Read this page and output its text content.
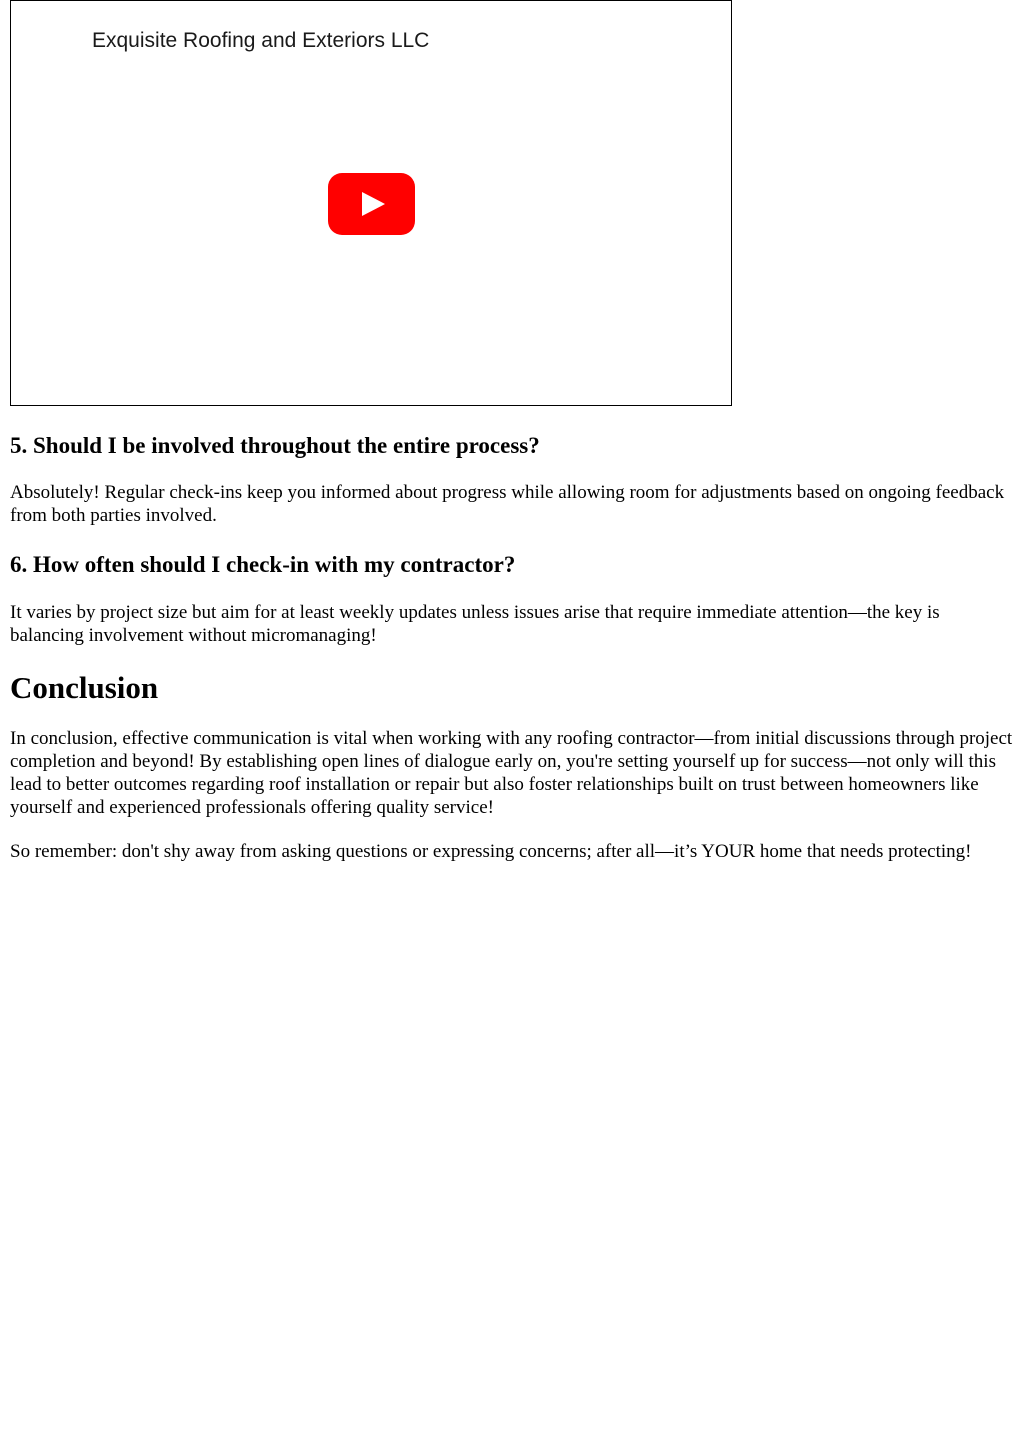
Exquisite Roofing and Exteriors LLC
5. Should I be involved throughout the entire process?

Absolutely! Regular check-ins keep you informed about progress while allowing room for adjustments based on ongoing feedback from both parties involved.

6. How often should I check-in with my contractor?

It varies by project size but aim for at least weekly updates unless issues arise that require immediate attention—the key is balancing involvement without micromanaging!

Conclusion

In conclusion, effective communication is vital when working with any roofing contractor—from initial discussions through project completion and beyond! By establishing open lines of dialogue early on, you're setting yourself up for success—not only will this lead to better outcomes regarding roof installation or repair but also foster relationships built on trust between homeowners like yourself and experienced professionals offering quality service!

So remember: don't shy away from asking questions or expressing concerns; after all—it’s YOUR home that needs protecting!
